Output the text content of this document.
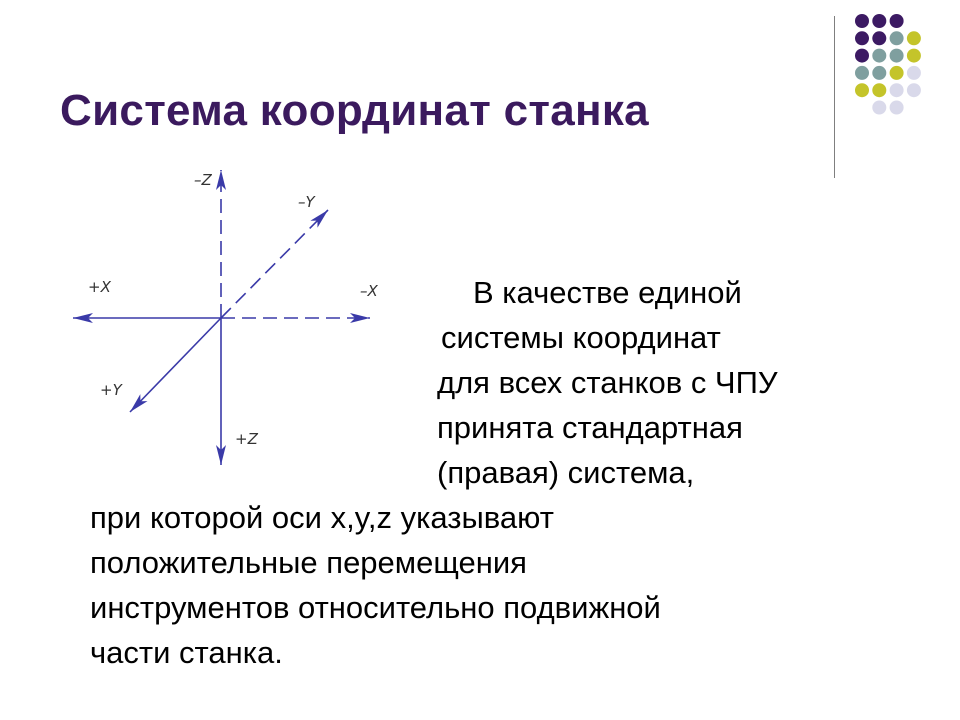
Система координат станка
–Z
–Y
+X	–X
+Y
+Z
В качестве единой
системы координат
для всех станков с ЧПУ
принята стандартная
(правая) система,
при которой оси x,y,z указывают
положительные перемещения
инструментов относительно подвижной
части станка.
